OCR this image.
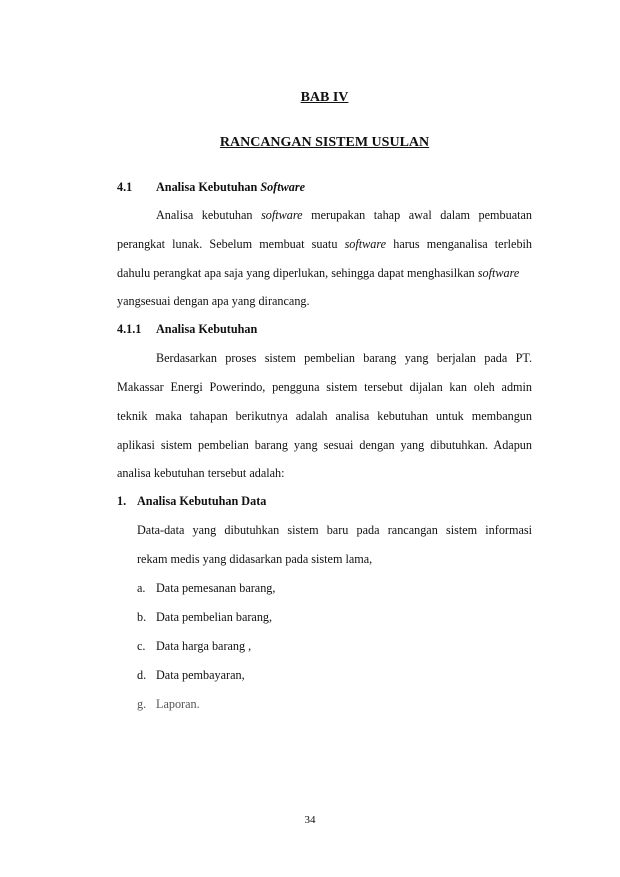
BAB IV
RANCANGAN SISTEM USULAN
4.1 Analisa Kebutuhan Software
Analisa kebutuhan software merupakan tahap awal dalam pembuatan
perangkat lunak. Sebelum membuat suatu software harus menganalisa terlebih
dahulu perangkat apa saja yang diperlukan, sehingga dapat menghasilkan software
yangsesuai dengan apa yang dirancang.
4.1.1 Analisa Kebutuhan
Berdasarkan proses sistem pembelian barang yang berjalan pada PT.
Makassar Energi Powerindo, pengguna sistem tersebut dijalan kan oleh admin
teknik maka tahapan berikutnya adalah analisa kebutuhan untuk membangun
aplikasi sistem pembelian barang yang sesuai dengan yang dibutuhkan. Adapun
analisa kebutuhan tersebut adalah:
1. Analisa Kebutuhan Data
Data-data yang dibutuhkan sistem baru pada rancangan sistem informasi
rekam medis yang didasarkan pada sistem lama,
a. Data pemesanan barang,
b. Data pembelian barang,
c. Data harga barang ,
d. Data pembayaran,
g. Laporan.
34
